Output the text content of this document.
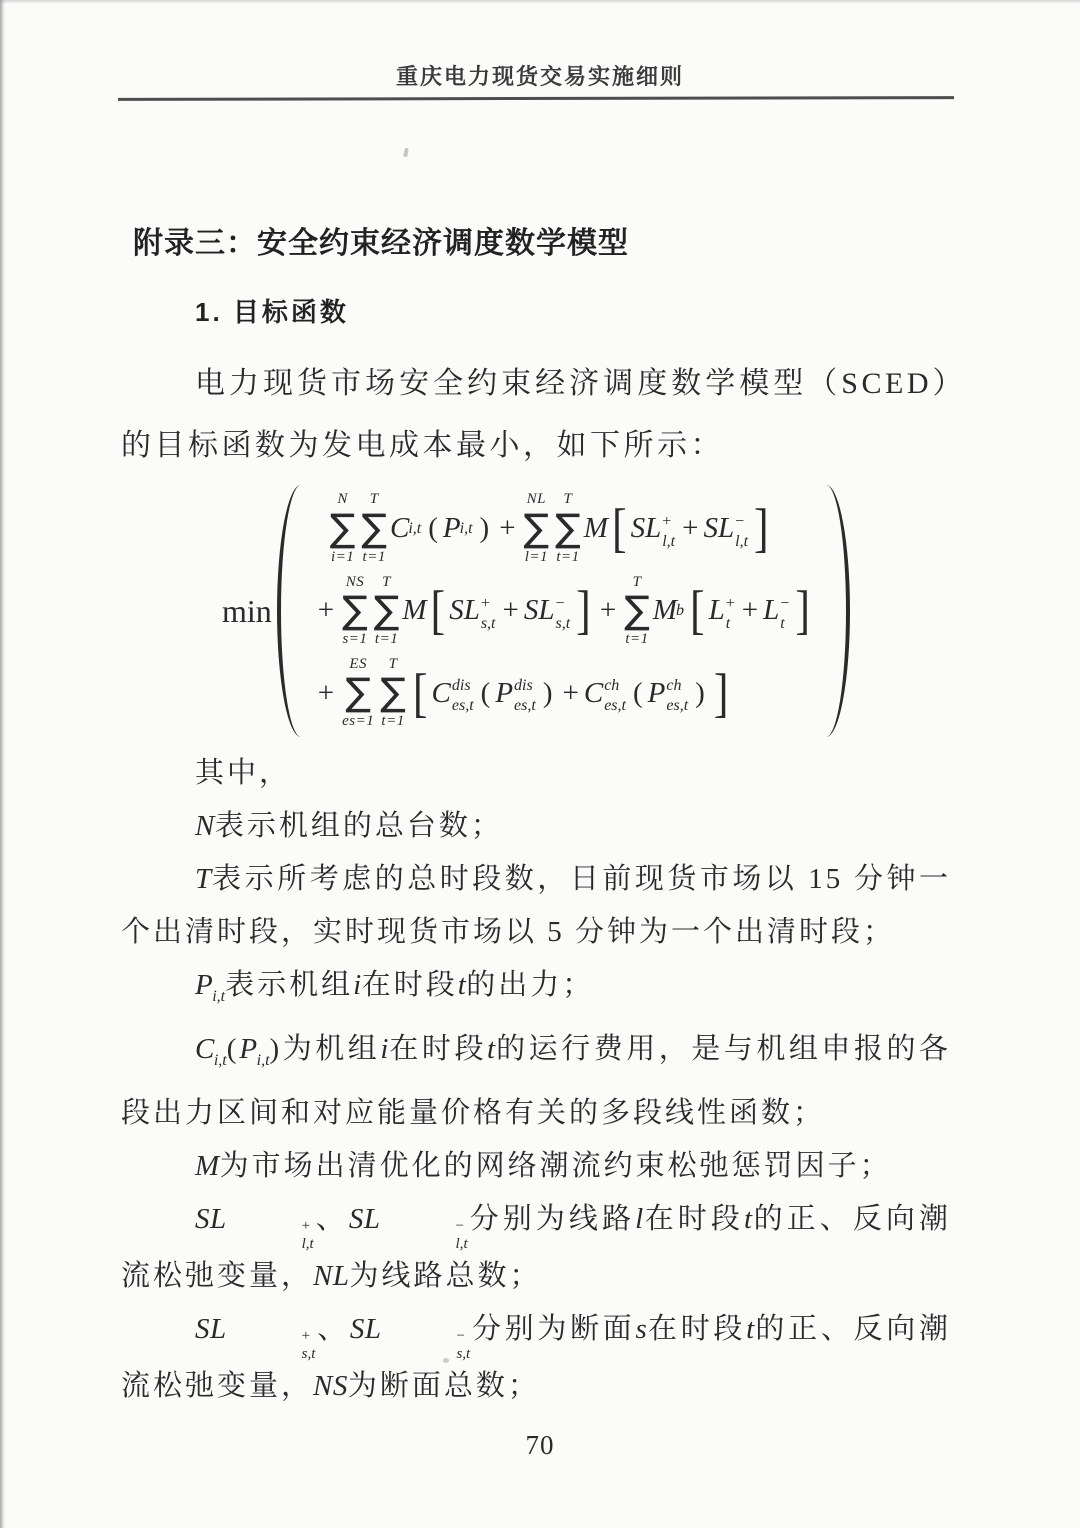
重庆电力现货交易实施细则
附录三：安全约束经济调度数学模型
1. 目标函数

电力现货市场安全约束经济调度数学模型（SCED）的目标函数为发电成本最小，如下所示：

min
N
∑
i=1
T
∑
t=1
C i,t ( P i,t ) +
NL
∑
l=1
T
∑
t=1
M [ SL +
l,t + SL −
l,t ]
+
NS
∑
s=1
T
∑
t=1
M [ SL +
s,t + SL −
s,t ] +
T
∑
t=1
M b [ L +
t + L −
t ]
+
ES
∑
es=1
T
∑
t=1 [ C dis
es,t ( P dis
es,t ) + C ch
es,t ( P ch
es,t ) ]

其中，

N表示机组的总台数；

T表示所考虑的总时段数，日前现货市场以 15 分钟一个出清时段，实时现货市场以 5 分钟为一个出清时段；

$P_{i,t}$表示机组i在时段t的出力；

$C_{i,t}(P_{i,t})$为机组i在时段t的运行费用，是与机组申报的各段出力区间和对应能量价格有关的多段线性函数；

M为市场出清优化的网络潮流约束松弛惩罚因子；

SL	+
l,t
、SL	−
l,t
分别为线路l在时段t的正、反向潮流松弛变量，NL为线路总数；

SL	+
s,t
、SL	−
s,t
分别为断面s在时段t的正、反向潮流松弛变量，NS为断面总数；

70
